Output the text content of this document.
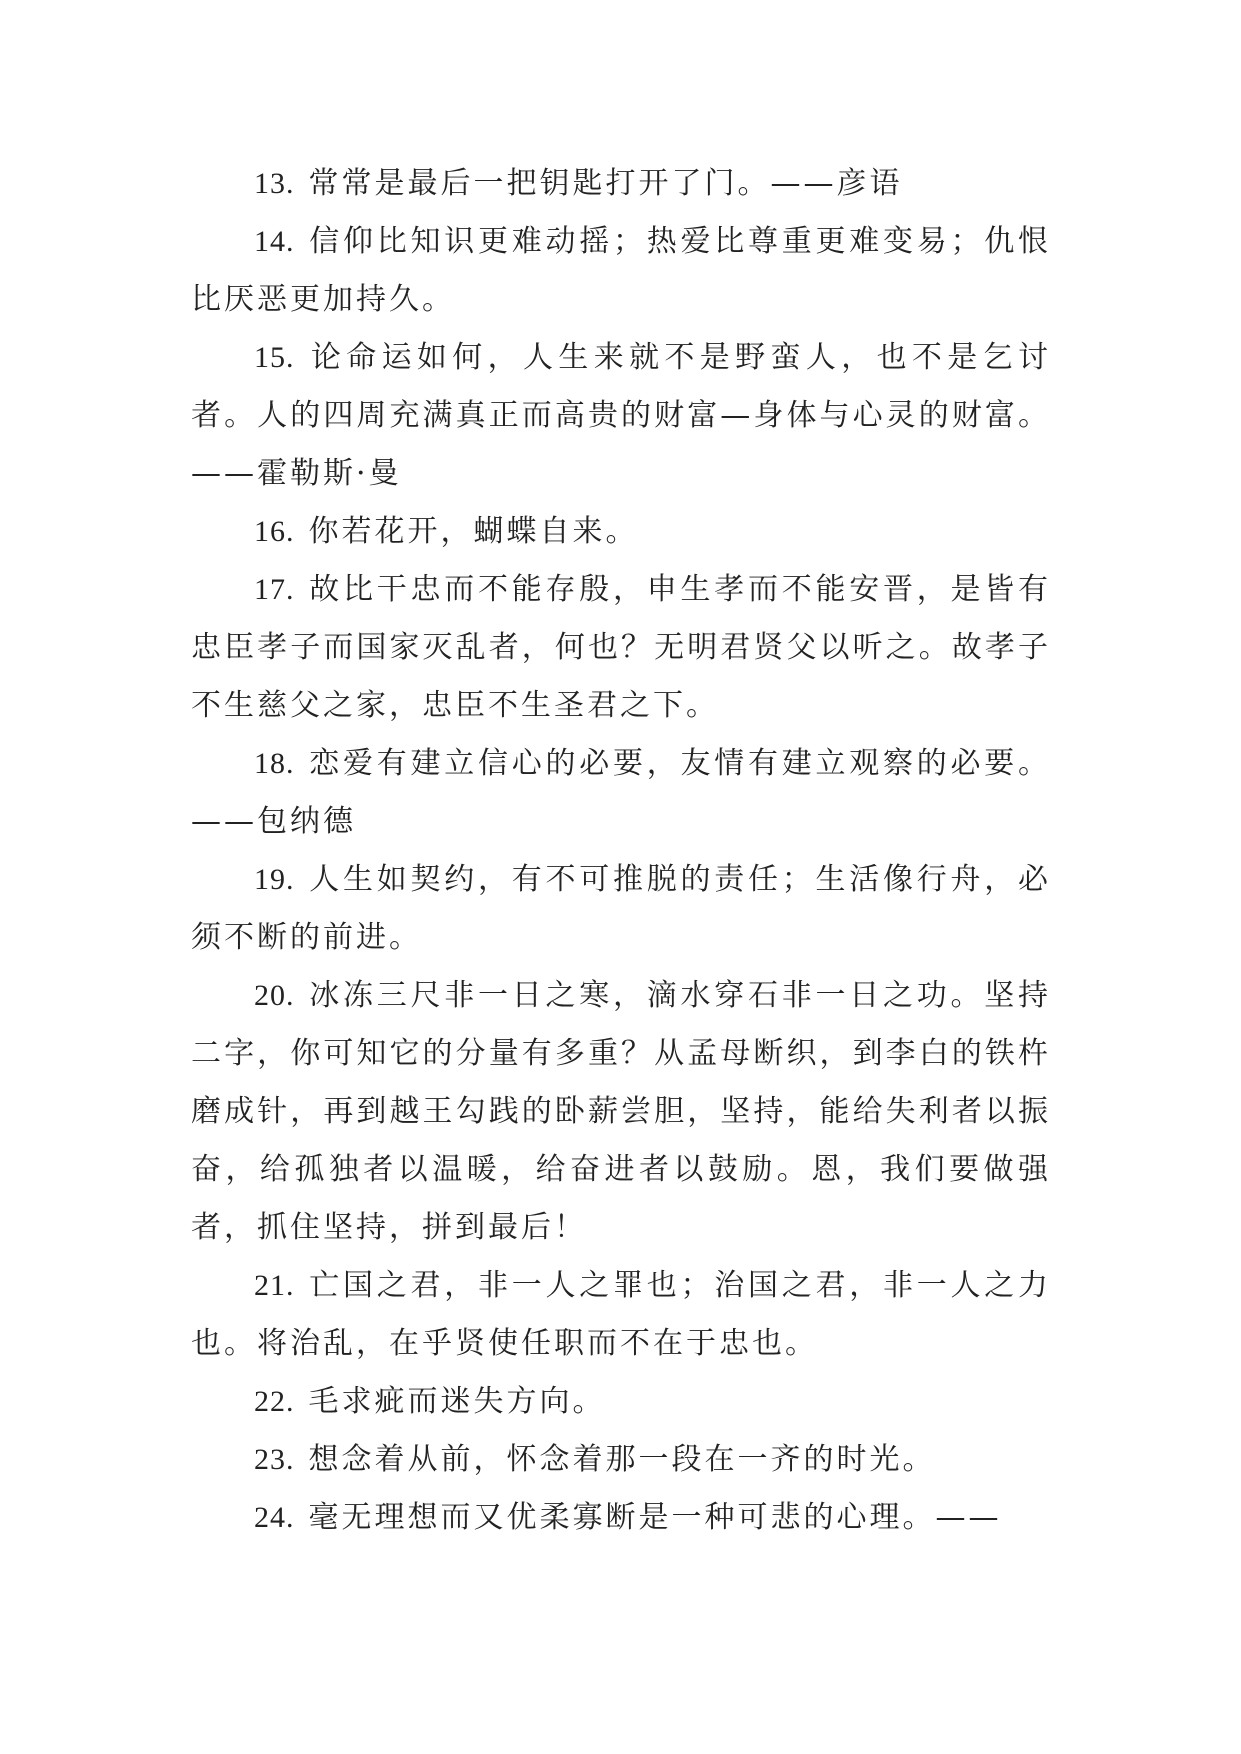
13. 常常是最后一把钥匙打开了门。——彦语

14. 信仰比知识更难动摇；热爱比尊重更难变易；仇恨比厌恶更加持久。

15. 论命运如何，人生来就不是野蛮人，也不是乞讨者。人的四周充满真正而高贵的财富—身体与心灵的财富。——霍勒斯·曼

16. 你若花开，蝴蝶自来。

17. 故比干忠而不能存殷，申生孝而不能安晋，是皆有忠臣孝子而国家灭乱者，何也？无明君贤父以听之。故孝子不生慈父之家，忠臣不生圣君之下。

18. 恋爱有建立信心的必要，友情有建立观察的必要。——包纳德

19. 人生如契约，有不可推脱的责任；生活像行舟，必须不断的前进。

20. 冰冻三尺非一日之寒，滴水穿石非一日之功。坚持二字，你可知它的分量有多重？从孟母断织，到李白的铁杵磨成针，再到越王勾践的卧薪尝胆，坚持，能给失利者以振奋，给孤独者以温暖，给奋进者以鼓励。恩，我们要做强者，抓住坚持，拼到最后！

21. 亡国之君，非一人之罪也；治国之君，非一人之力也。将治乱，在乎贤使任职而不在于忠也。

22. 毛求疵而迷失方向。

23. 想念着从前，怀念着那一段在一齐的时光。

24. 毫无理想而又优柔寡断是一种可悲的心理。——
